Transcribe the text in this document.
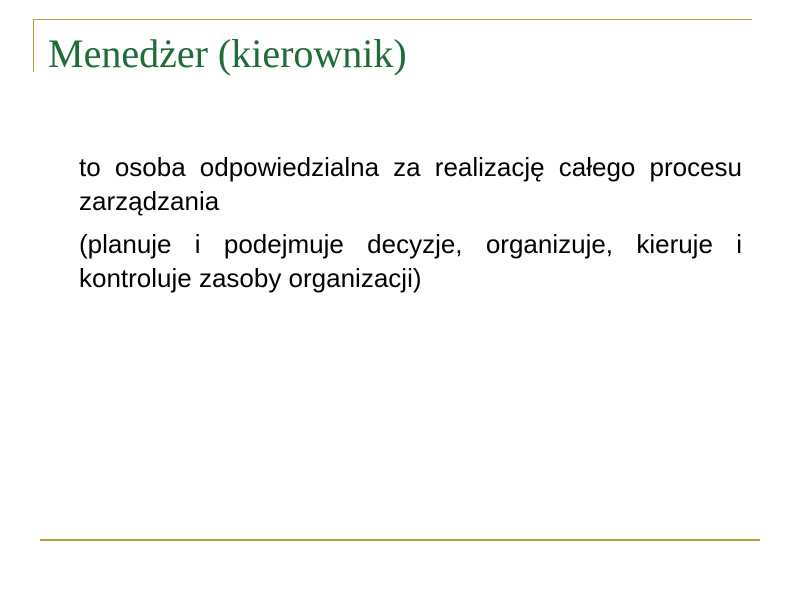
Menedżer (kierownik)

to osoba odpowiedzialna za realizację całego procesu zarządzania

(planuje i podejmuje decyzje, organizuje, kieruje i kontroluje zasoby organizacji)
